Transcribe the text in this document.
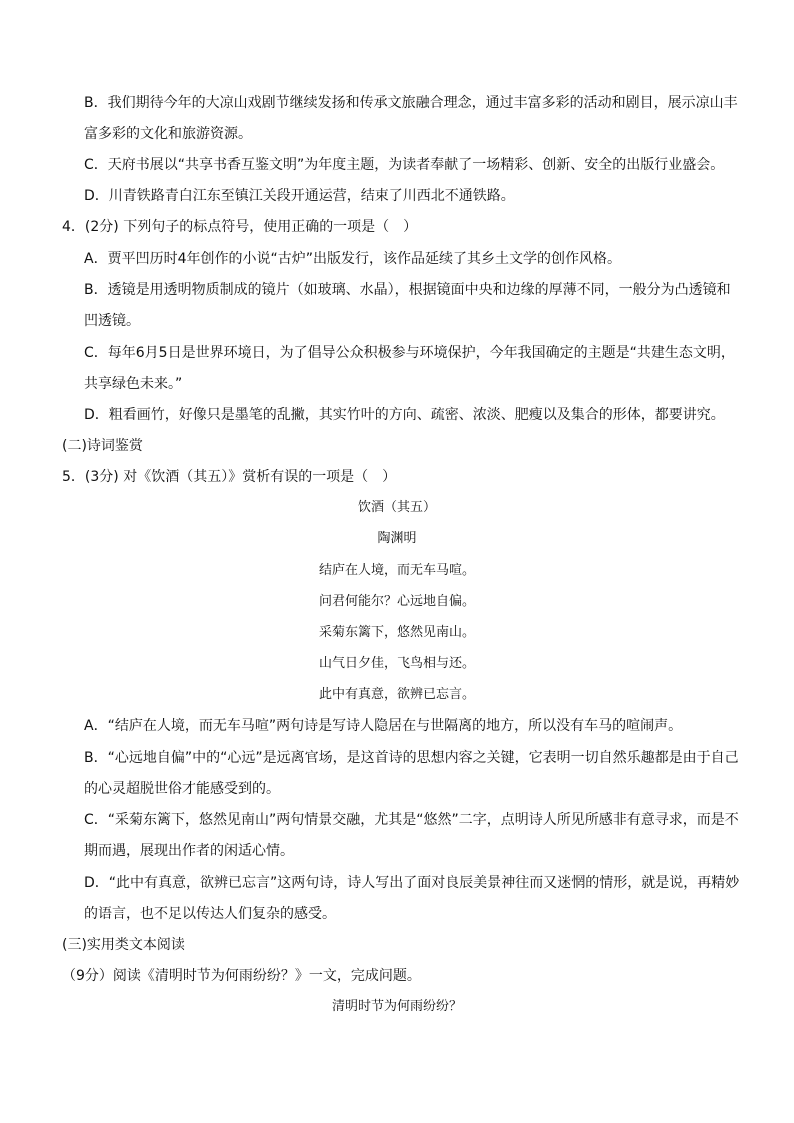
B．我们期待今年的大凉山戏剧节继续发扬和传承文旅融合理念，通过丰富多彩的活动和剧目，展示凉山丰
富多彩的文化和旅游资源。
C．天府书展以“共享书香互鉴文明”为年度主题，为读者奉献了一场精彩、创新、安全的出版行业盛会。
D．川青铁路青白江东至镇江关段开通运营，结束了川西北不通铁路。
4．(2分) 下列句子的标点符号，使用正确的一项是（　）
A．贾平凹历时4年创作的小说“古炉”出版发行，该作品延续了其乡土文学的创作风格。
B．透镜是用透明物质制成的镜片（如玻璃、水晶），根据镜面中央和边缘的厚薄不同，一般分为凸透镜和
凹透镜。
C．每年6月5日是世界环境日，为了倡导公众积极参与环境保护，今年我国确定的主题是“共建生态文明，
共享绿色未来。”
D．粗看画竹，好像只是墨笔的乱撇，其实竹叶的方向、疏密、浓淡、肥瘦以及集合的形体，都要讲究。
(二)诗词鉴赏
5．(3分) 对《饮酒（其五）》赏析有误的一项是（　）
饮酒（其五）
陶渊明
结庐在人境，而无车马喧。
问君何能尔？心远地自偏。
采菊东篱下，悠然见南山。
山气日夕佳，飞鸟相与还。
此中有真意，欲辨已忘言。
A．“结庐在人境，而无车马喧”两句诗是写诗人隐居在与世隔离的地方，所以没有车马的喧闹声。
B．“心远地自偏”中的“心远”是远离官场，是这首诗的思想内容之关键，它表明一切自然乐趣都是由于自己
的心灵超脱世俗才能感受到的。
C．“采菊东篱下，悠然见南山”两句情景交融，尤其是“悠然”二字，点明诗人所见所感非有意寻求，而是不
期而遇，展现出作者的闲适心情。
D．“此中有真意，欲辨已忘言”这两句诗，诗人写出了面对良辰美景神往而又迷惘的情形，就是说，再精妙
的语言，也不足以传达人们复杂的感受。
(三)实用类文本阅读
（9分）阅读《清明时节为何雨纷纷？》一文，完成问题。
清明时节为何雨纷纷？
